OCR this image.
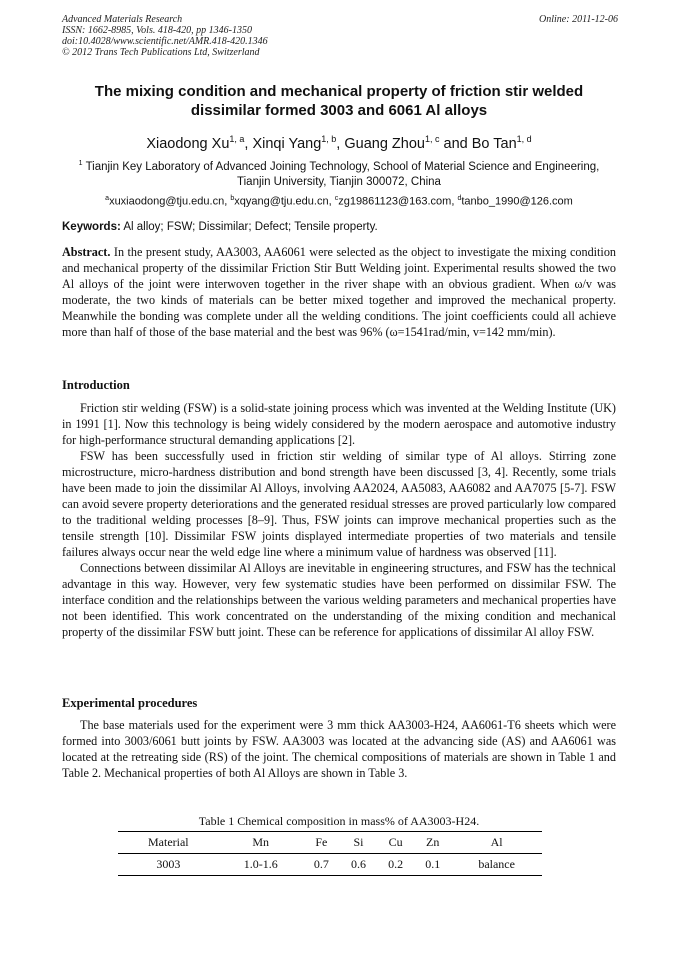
Advanced Materials Research
ISSN: 1662-8985, Vols. 418-420, pp 1346-1350
doi:10.4028/www.scientific.net/AMR.418-420.1346
© 2012 Trans Tech Publications Ltd, Switzerland
Online: 2011-12-06
The mixing condition and mechanical property of friction stir welded dissimilar formed 3003 and 6061 Al alloys
Xiaodong Xu$^{1, a}$, Xinqi Yang$^{1, b}$, Guang Zhou$^{1, c}$ and Bo Tan$^{1, d}$
$^1$ Tianjin Key Laboratory of Advanced Joining Technology, School of Material Science and Engineering, Tianjin University, Tianjin 300072, China
$^a$xuxiaodong@tju.edu.cn, $^b$xqyang@tju.edu.cn, $^c$zg19861123@163.com, $^d$tanbo_1990@126.com
Keywords: Al alloy; FSW; Dissimilar; Defect; Tensile property.
Abstract. In the present study, AA3003, AA6061 were selected as the object to investigate the mixing condition and mechanical property of the dissimilar Friction Stir Butt Welding joint. Experimental results showed the two Al alloys of the joint were interwoven together in the river shape with an obvious gradient. When ω/v was moderate, the two kinds of materials can be better mixed together and improved the mechanical property. Meanwhile the bonding was complete under all the welding conditions. The joint coefficients could all achieve more than half of those of the base material and the best was 96% (ω=1541rad/min, v=142 mm/min).
Introduction

Friction stir welding (FSW) is a solid-state joining process which was invented at the Welding Institute (UK) in 1991 [1]. Now this technology is being widely considered by the modern aerospace and automotive industry for high-performance structural demanding applications [2].

FSW has been successfully used in friction stir welding of similar type of Al alloys. Stirring zone microstructure, micro-hardness distribution and bond strength have been discussed [3, 4]. Recently, some trials have been made to join the dissimilar Al Alloys, involving AA2024, AA5083, AA6082 and AA7075 [5-7]. FSW can avoid severe property deteriorations and the generated residual stresses are proved particularly low compared to the traditional welding processes [8–9]. Thus, FSW joints can improve mechanical properties such as the tensile strength [10]. Dissimilar FSW joints displayed intermediate properties of two materials and tensile failures always occur near the weld edge line where a minimum value of hardness was observed [11].

Connections between dissimilar Al Alloys are inevitable in engineering structures, and FSW has the technical advantage in this way. However, very few systematic studies have been performed on dissimilar FSW. The interface condition and the relationships between the various welding parameters and mechanical properties have not been identified. This work concentrated on the understanding of the mixing condition and mechanical property of the dissimilar FSW butt joint. These can be reference for applications of dissimilar Al alloy FSW.

Experimental procedures

The base materials used for the experiment were 3 mm thick AA3003-H24, AA6061-T6 sheets which were formed into 3003/6061 butt joints by FSW. AA3003 was located at the advancing side (AS) and AA6061 was located at the retreating side (RS) of the joint. The chemical compositions of materials are shown in Table 1 and Table 2. Mechanical properties of both Al Alloys are shown in Table 3.

Table 1 Chemical composition in mass% of AA3003-H24.
Material	Mn	Fe	Si	Cu	Zn	Al
3003	1.0-1.6	0.7	0.6	0.2	0.1	balance
